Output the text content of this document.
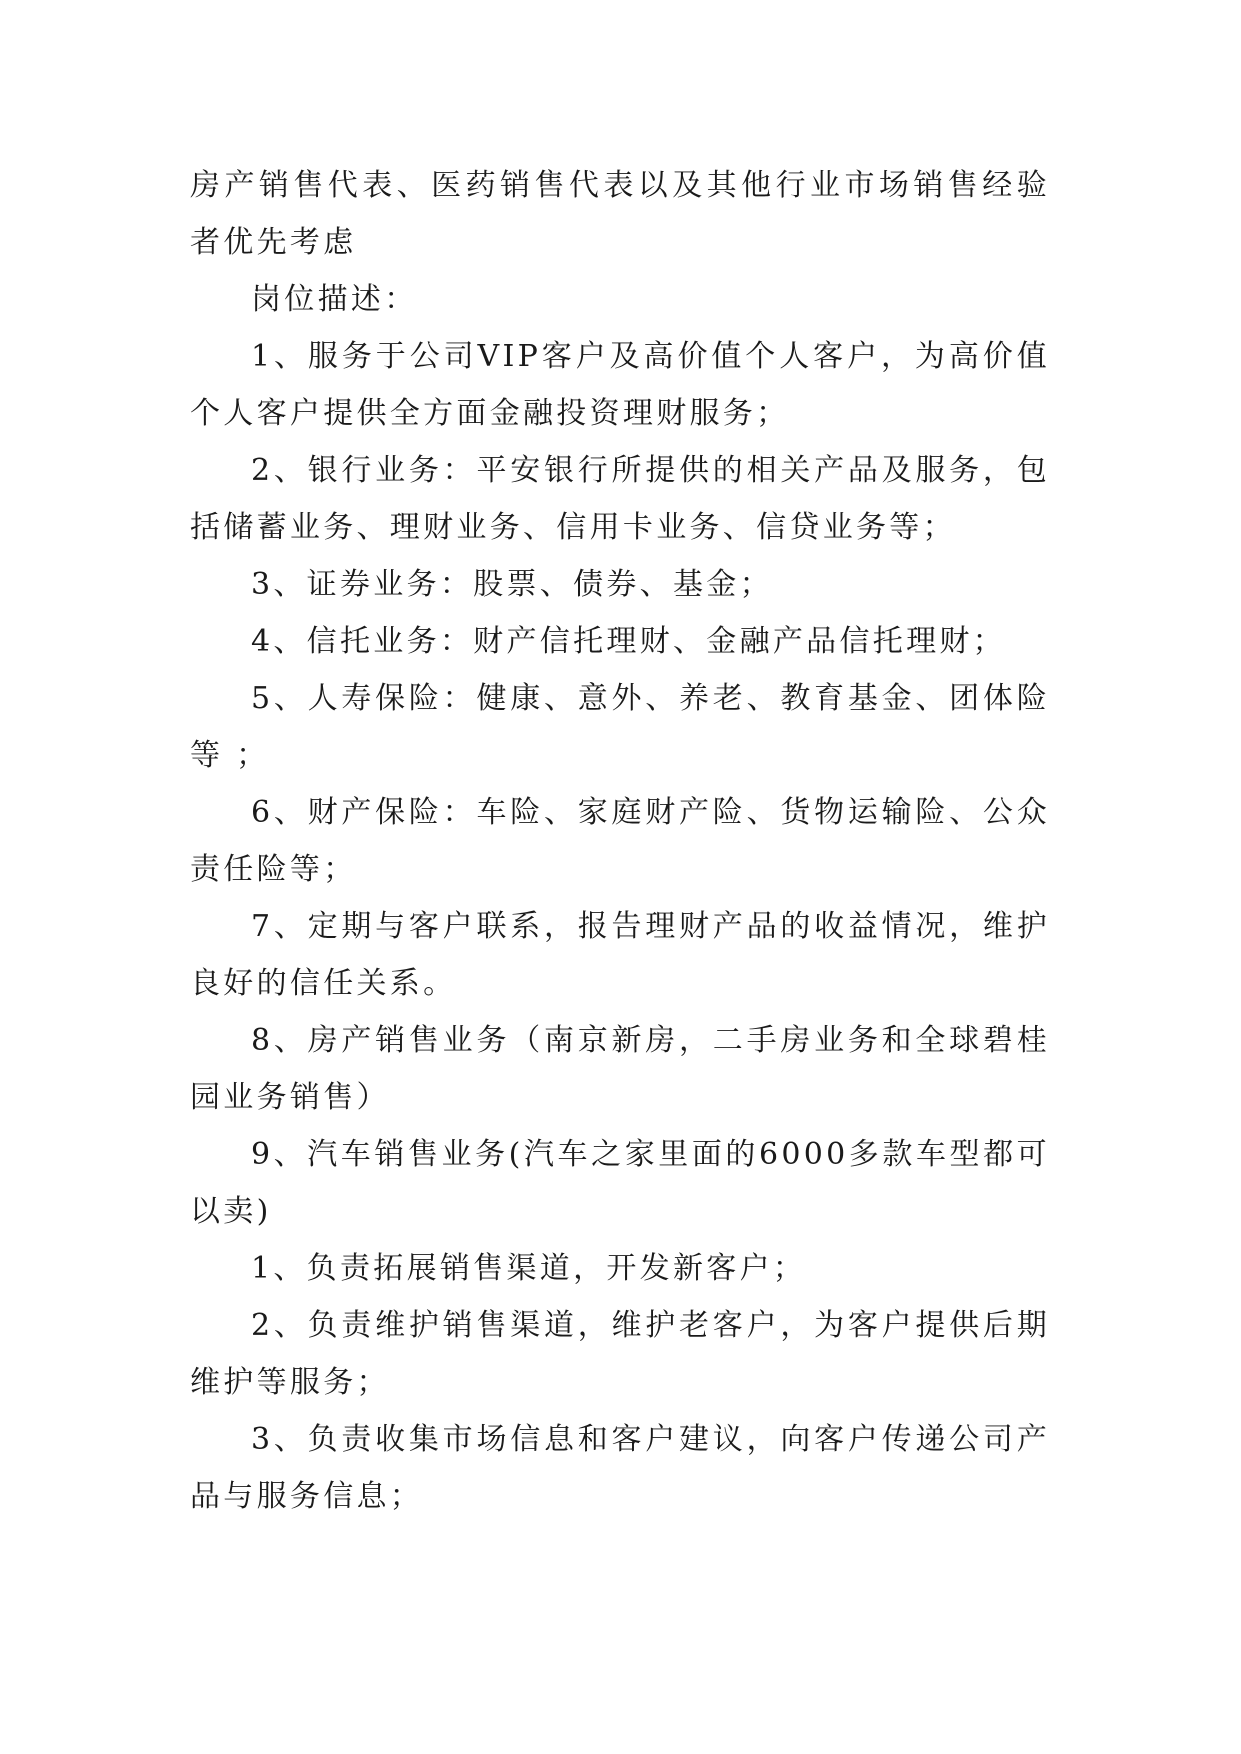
房产销售代表、医药销售代表以及其他行业市场销售经验者优先考虑

岗位描述：

1、服务于公司VIP客户及高价值个人客户，为高价值个人客户提供全方面金融投资理财服务；

2、银行业务：平安银行所提供的相关产品及服务，包括储蓄业务、理财业务、信用卡业务、信贷业务等；

3、证券业务：股票、债券、基金；

4、信托业务：财产信托理财、金融产品信托理财；

5、人寿保险：健康、意外、养老、教育基金、团体险等 ；

6、财产保险：车险、家庭财产险、货物运输险、公众责任险等；

7、定期与客户联系，报告理财产品的收益情况，维护良好的信任关系。

8、房产销售业务（南京新房，二手房业务和全球碧桂园业务销售）

9、汽车销售业务(汽车之家里面的6000多款车型都可以卖)

1、负责拓展销售渠道，开发新客户；

2、负责维护销售渠道，维护老客户，为客户提供后期维护等服务；

3、负责收集市场信息和客户建议，向客户传递公司产品与服务信息；
